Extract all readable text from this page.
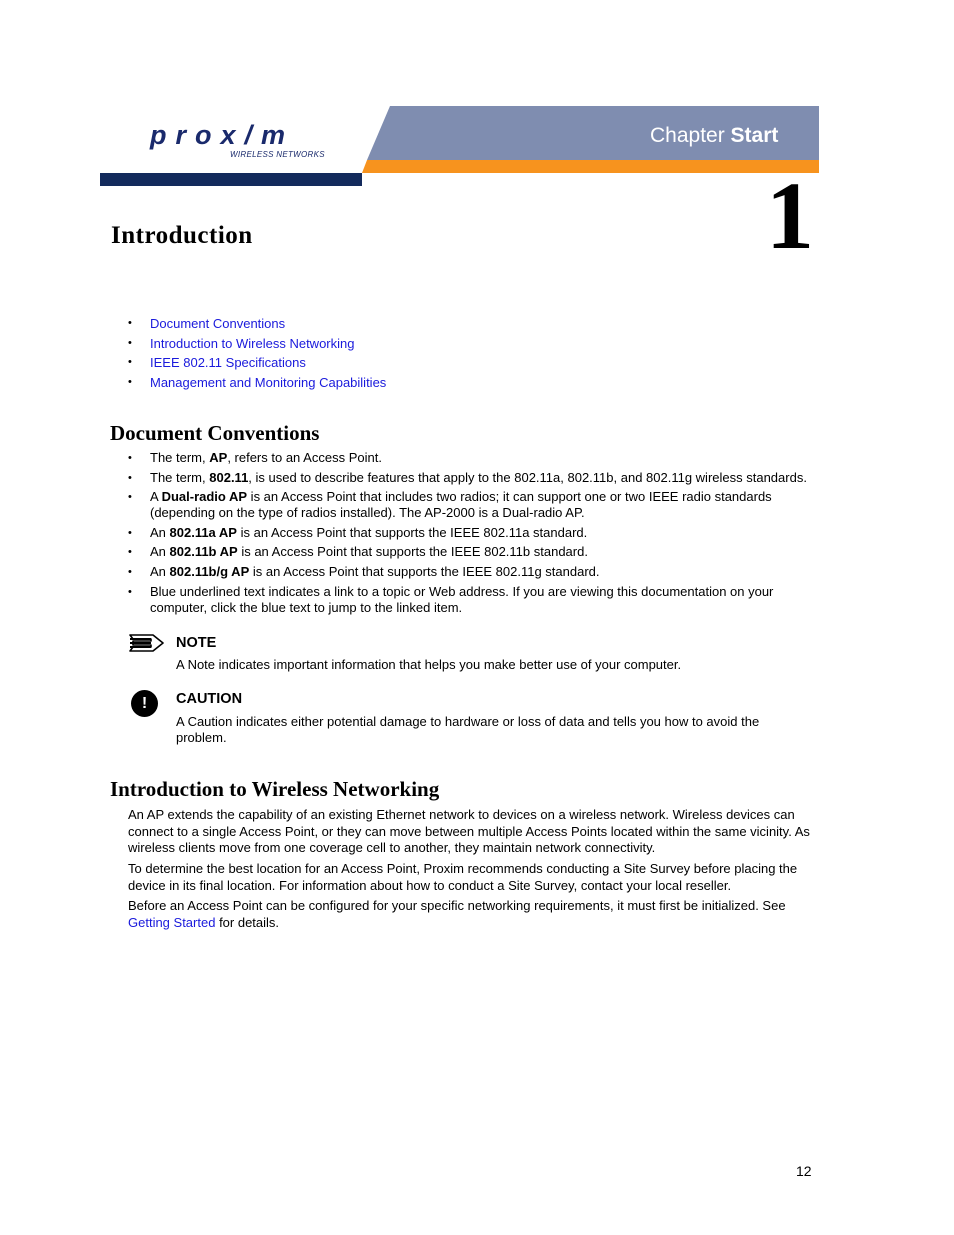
prox/m
WIRELESS NETWORKS
Chapter Start
1
Introduction
• Document Conventions
• Introduction to Wireless Networking
• IEEE 802.11 Specifications
• Management and Monitoring Capabilities
Document Conventions
• The term, AP, refers to an Access Point.
• The term, 802.11, is used to describe features that apply to the 802.11a, 802.11b, and 802.11g wireless standards.
• A Dual-radio AP is an Access Point that includes two radios; it can support one or two IEEE radio standards (depending on the type of radios installed). The AP-2000 is a Dual-radio AP.
• An 802.11a AP is an Access Point that supports the IEEE 802.11a standard.
• An 802.11b AP is an Access Point that supports the IEEE 802.11b standard.
• An 802.11b/g AP is an Access Point that supports the IEEE 802.11g standard.
• Blue underlined text indicates a link to a topic or Web address. If you are viewing this documentation on your computer, click the blue text to jump to the linked item.
NOTE
A Note indicates important information that helps you make better use of your computer.
!	CAUTION
A Caution indicates either potential damage to hardware or loss of data and tells you how to avoid the problem.
Introduction to Wireless Networking

An AP extends the capability of an existing Ethernet network to devices on a wireless network. Wireless devices can connect to a single Access Point, or they can move between multiple Access Points located within the same vicinity. As wireless clients move from one coverage cell to another, they maintain network connectivity.

To determine the best location for an Access Point, Proxim recommends conducting a Site Survey before placing the device in its final location. For information about how to conduct a Site Survey, contact your local reseller.

Before an Access Point can be configured for your specific networking requirements, it must first be initialized. See Getting Started for details.

12
